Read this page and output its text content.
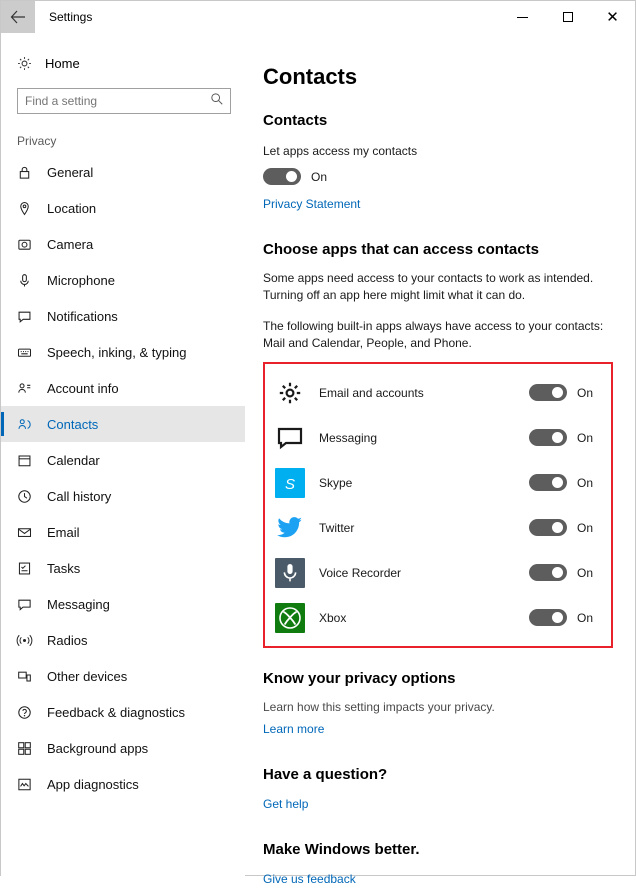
Settings	✕
Home
Find a setting
Privacy
General
Location
Camera
Microphone
Notifications
Speech, inking, & typing
Account info
Contacts
Calendar
Call history
Email
Tasks
Messaging
Radios
Other devices
Feedback & diagnostics
Background apps
App diagnostics
Contacts
Contacts

Let apps access my contacts

On
Privacy Statement
Choose apps that can access contacts

Some apps need access to your contacts to work as intended.

Turning off an app here might limit what it can do.

The following built-in apps always have access to your contacts:

Mail and Calendar, People, and Phone.

Email and accounts	On
Messaging	On
S Skype	On
Twitter	On
Voice Recorder	On
Xbox	On
Know your privacy options

Learn how this setting impacts your privacy.

Learn more
Have a question?
Get help
Make Windows better.
Give us feedback
